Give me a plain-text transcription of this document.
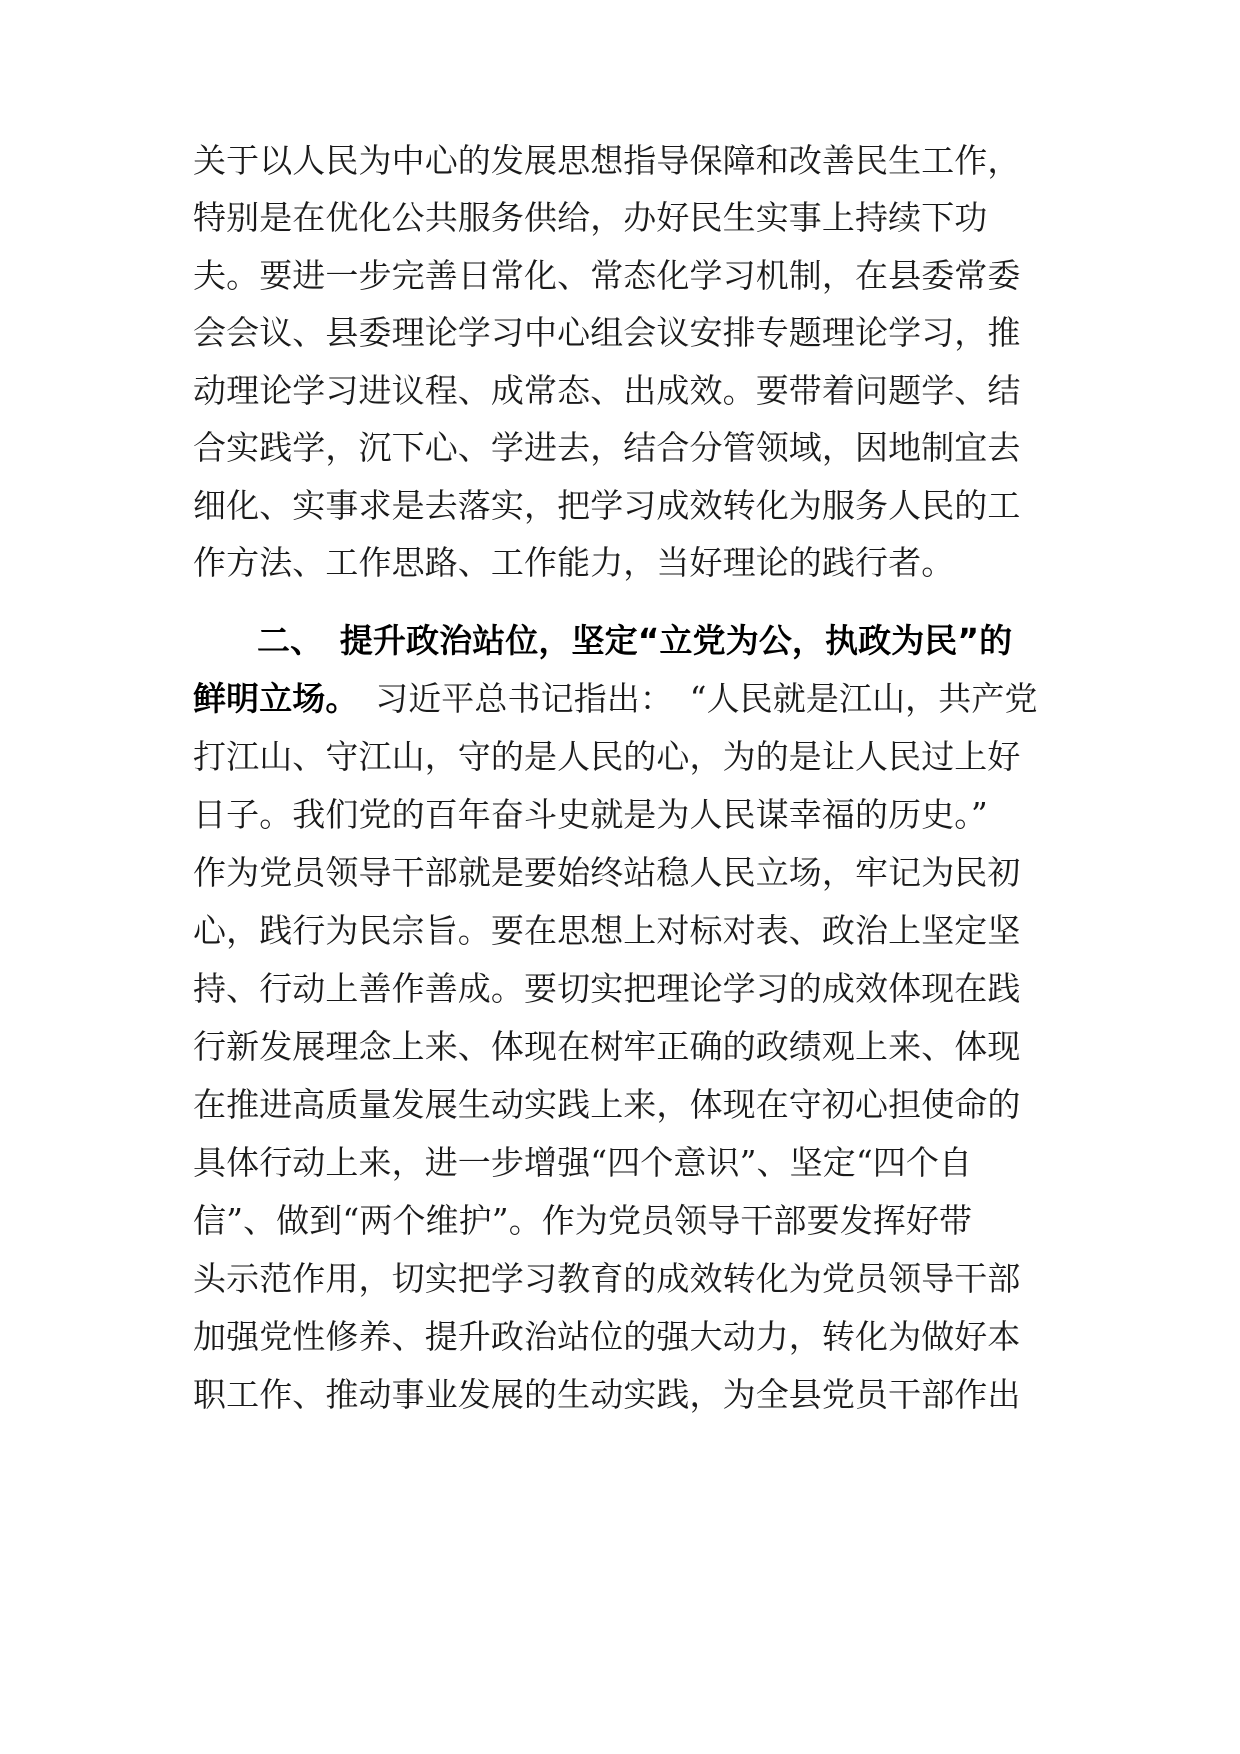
关于以人民为中心的发展思想指导保障和改善民生工作，
特别是在优化公共服务供给，办好民生实事上持续下功
夫。要进一步完善日常化、常态化学习机制，在县委常委
会会议、县委理论学习中心组会议安排专题理论学习，推
动理论学习进议程、成常态、出成效。要带着问题学、结
合实践学，沉下心、学进去，结合分管领域，因地制宜去
细化、实事求是去落实，把学习成效转化为服务人民的工
作方法、工作思路、工作能力，当好理论的践行者。
二、　提升政治站位，坚定“立党为公，执政为民”的
鲜明立场。　习近平总书记指出：　“人民就是江山，共产党
打江山、守江山，守的是人民的心，为的是让人民过上好
日子。我们党的百年奋斗史就是为人民谋幸福的历史。”
作为党员领导干部就是要始终站稳人民立场，牢记为民初
心，践行为民宗旨。要在思想上对标对表、政治上坚定坚
持、行动上善作善成。要切实把理论学习的成效体现在践
行新发展理念上来、体现在树牢正确的政绩观上来、体现
在推进高质量发展生动实践上来，体现在守初心担使命的
具体行动上来，进一步增强“四个意识”、坚定“四个自
信”、做到“两个维护”。作为党员领导干部要发挥好带
头示范作用，切实把学习教育的成效转化为党员领导干部
加强党性修养、提升政治站位的强大动力，转化为做好本
职工作、推动事业发展的生动实践，为全县党员干部作出
